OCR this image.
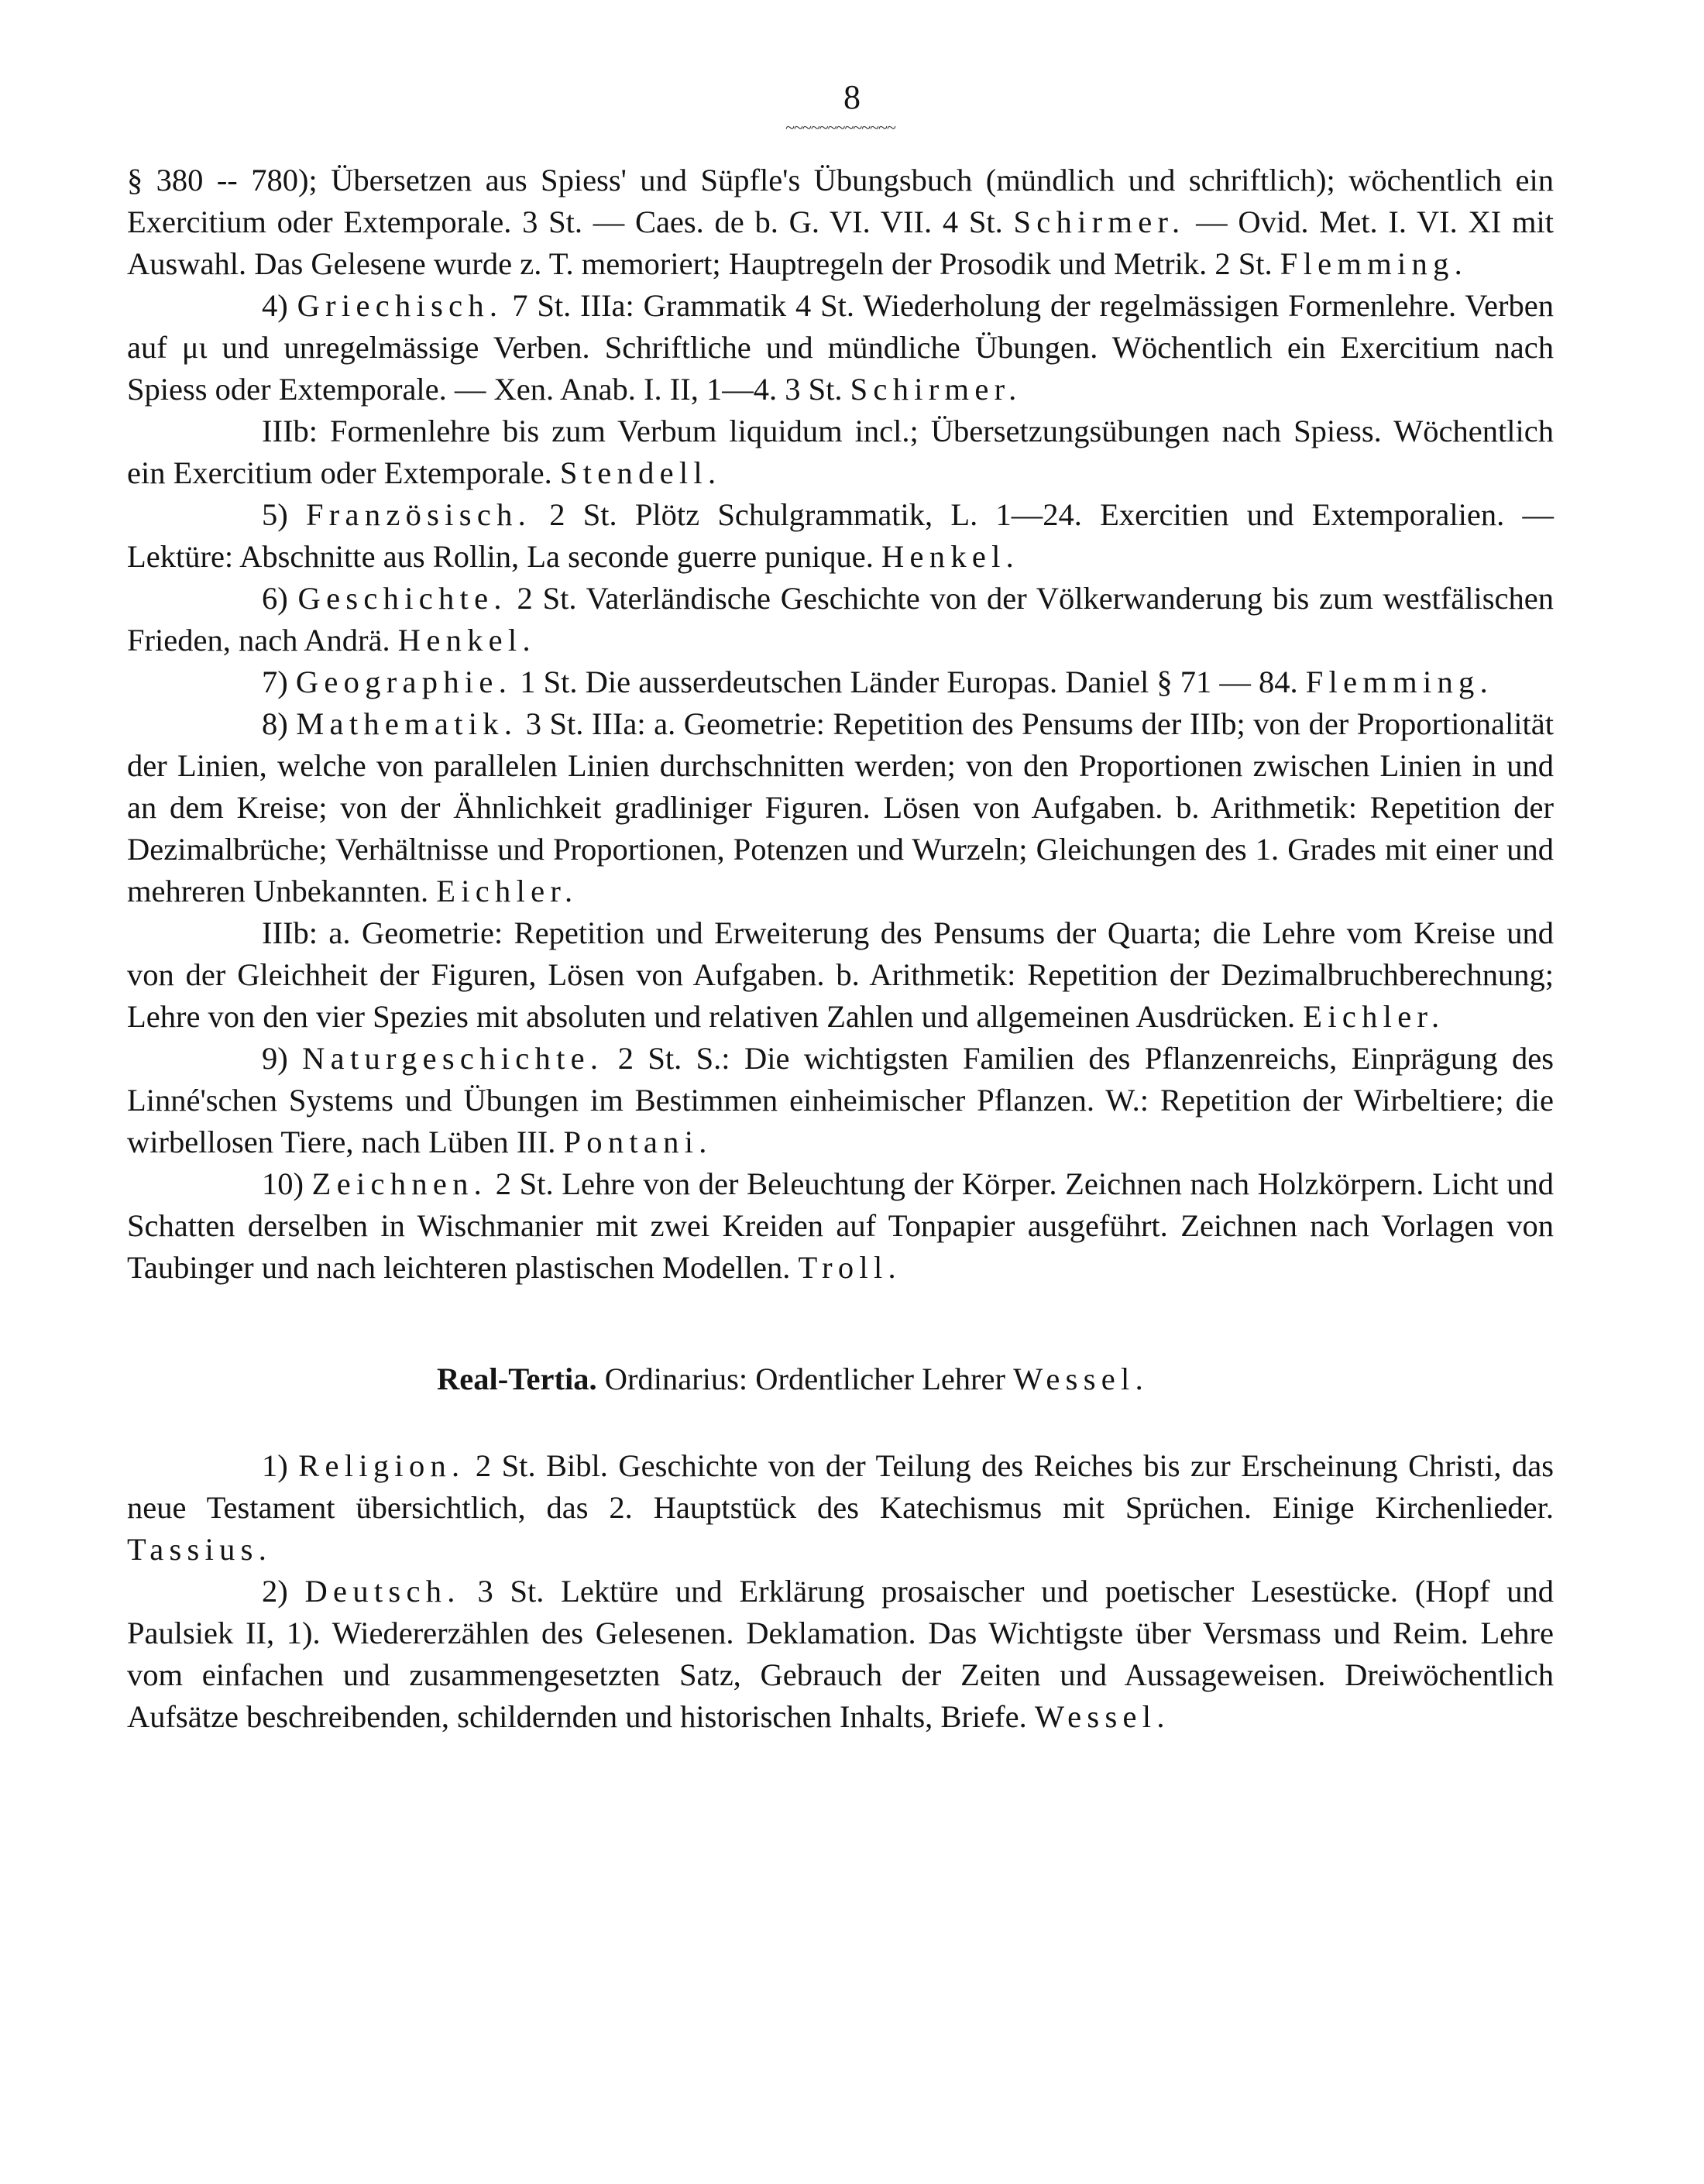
8
~~~~~~~~~~~~~

§ 380 -- 780); Übersetzen aus Spiess' und Süpfle's Übungsbuch (mündlich und schriftlich); wöchentlich ein Exercitium oder Extemporale. 3 St. — Caes. de b. G. VI. VII. 4 St. Schirmer. — Ovid. Met. I. VI. XI mit Auswahl. Das Gelesene wurde z. T. memoriert; Hauptregeln der Prosodik und Metrik. 2 St. Flemming.

4) Griechisch. 7 St. IIIa: Grammatik 4 St. Wiederholung der regelmässigen Formenlehre. Verben auf μι und unregelmässige Verben. Schriftliche und mündliche Übungen. Wöchentlich ein Exercitium nach Spiess oder Extemporale. — Xen. Anab. I. II, 1—4. 3 St. Schirmer.

IIIb: Formenlehre bis zum Verbum liquidum incl.; Übersetzungsübungen nach Spiess. Wöchentlich ein Exercitium oder Extemporale. Stendell.

5) Französisch. 2 St. Plötz Schulgrammatik, L. 1—24. Exercitien und Extemporalien. — Lektüre: Abschnitte aus Rollin, La seconde guerre punique. Henkel.

6) Geschichte. 2 St. Vaterländische Geschichte von der Völkerwanderung bis zum westfälischen Frieden, nach Andrä. Henkel.

7) Geographie. 1 St. Die ausserdeutschen Länder Europas. Daniel § 71 — 84. Flemming.

8) Mathematik. 3 St. IIIa: a. Geometrie: Repetition des Pensums der IIIb; von der Proportionalität der Linien, welche von parallelen Linien durchschnitten werden; von den Proportionen zwischen Linien in und an dem Kreise; von der Ähnlichkeit gradliniger Figuren. Lösen von Aufgaben. b. Arithmetik: Repetition der Dezimalbrüche; Verhältnisse und Proportionen, Potenzen und Wurzeln; Gleichungen des 1. Grades mit einer und mehreren Unbekannten. Eichler.

IIIb: a. Geometrie: Repetition und Erweiterung des Pensums der Quarta; die Lehre vom Kreise und von der Gleichheit der Figuren, Lösen von Aufgaben. b. Arithmetik: Repetition der Dezimalbruchberechnung; Lehre von den vier Spezies mit absoluten und relativen Zahlen und allgemeinen Ausdrücken. Eichler.

9) Naturgeschichte. 2 St. S.: Die wichtigsten Familien des Pflanzenreichs, Einprägung des Linné'schen Systems und Übungen im Bestimmen einheimischer Pflanzen. W.: Repetition der Wirbeltiere; die wirbellosen Tiere, nach Lüben III. Pontani.

10) Zeichnen. 2 St. Lehre von der Beleuchtung der Körper. Zeichnen nach Holzkörpern. Licht und Schatten derselben in Wischmanier mit zwei Kreiden auf Tonpapier ausgeführt. Zeichnen nach Vorlagen von Taubinger und nach leichteren plastischen Modellen. Troll.

Real-Tertia. Ordinarius: Ordentlicher Lehrer Wessel.

1) Religion. 2 St. Bibl. Geschichte von der Teilung des Reiches bis zur Erscheinung Christi, das neue Testament übersichtlich, das 2. Hauptstück des Katechismus mit Sprüchen. Einige Kirchenlieder. Tassius.

2) Deutsch. 3 St. Lektüre und Erklärung prosaischer und poetischer Lesestücke. (Hopf und Paulsiek II, 1). Wiedererzählen des Gelesenen. Deklamation. Das Wichtigste über Versmass und Reim. Lehre vom einfachen und zusammengesetzten Satz, Gebrauch der Zeiten und Aussageweisen. Dreiwöchentlich Aufsätze beschreibenden, schildernden und historischen Inhalts, Briefe. Wessel.
